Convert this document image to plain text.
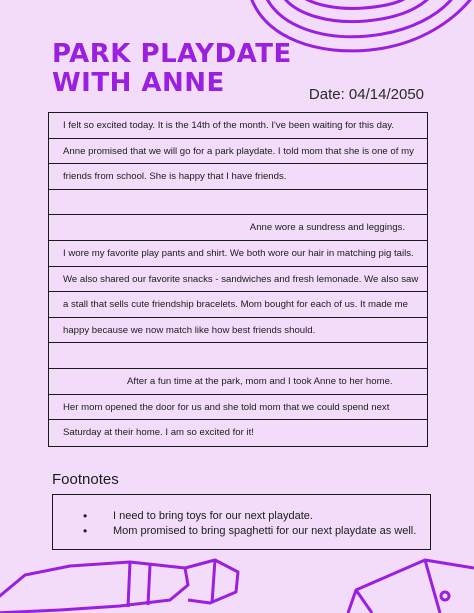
PARK PLAYDATE
WITH ANNE	Date: 04/14/2050
I felt so excited today. It is the 14th of the month. I've been waiting for this day.
Anne promised that we will go for a park playdate. I told mom that she is one of my
friends from school. She is happy that I have friends.
Anne wore a sundress and leggings.
I wore my favorite play pants and shirt. We both wore our hair in matching pig tails.
We also shared our favorite snacks - sandwiches and fresh lemonade. We also saw
a stall that sells cute friendship bracelets. Mom bought for each of us. It made me
happy because we now match like how best friends should.
After a fun time at the park, mom and I took Anne to her home.
Her mom opened the door for us and she told mom that we could spend next
Saturday at their home. I am so excited for it!
Footnotes
• I need to bring toys for our next playdate.
• Mom promised to bring spaghetti for our next playdate as well.
